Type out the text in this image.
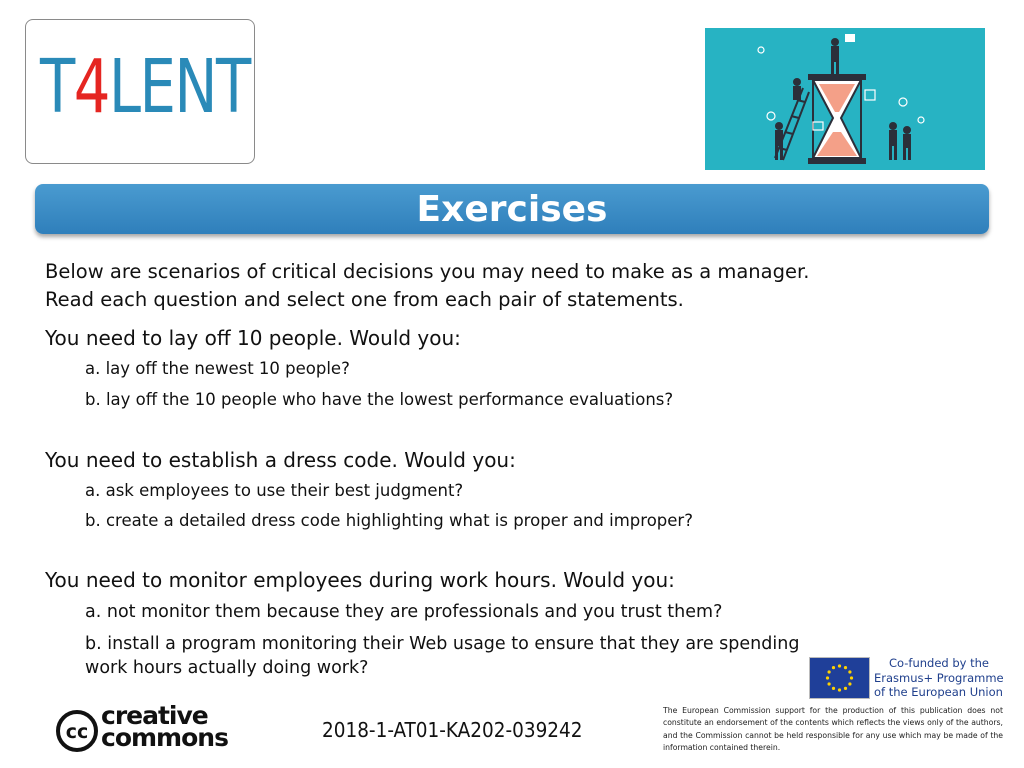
T4LENT
Exercises
Below are scenarios of critical decisions you may need to make as a manager.
Read each question and select one from each pair of statements.
You need to lay off 10 people. Would you:
a. lay off the newest 10 people?
b. lay off the 10 people who have the lowest performance evaluations?
You need to establish a dress code. Would you:
a. ask employees to use their best judgment?
b. create a detailed dress code highlighting what is proper and improper?
You need to monitor employees during work hours. Would you:
a. not monitor them because they are professionals and you trust them?
b. install a program monitoring their Web usage to ensure that they are spending
work hours actually doing work?	Co-funded by the
Erasmus+ Programme
of the European Union
cc
creative
commons	2018-1-AT01-KA202-039242
The European Commission support for the production of this publication does not constitute an endorsement of the contents which reflects the views only of the authors, and the Commission cannot be held responsible for any use which may be made of the information contained therein.
